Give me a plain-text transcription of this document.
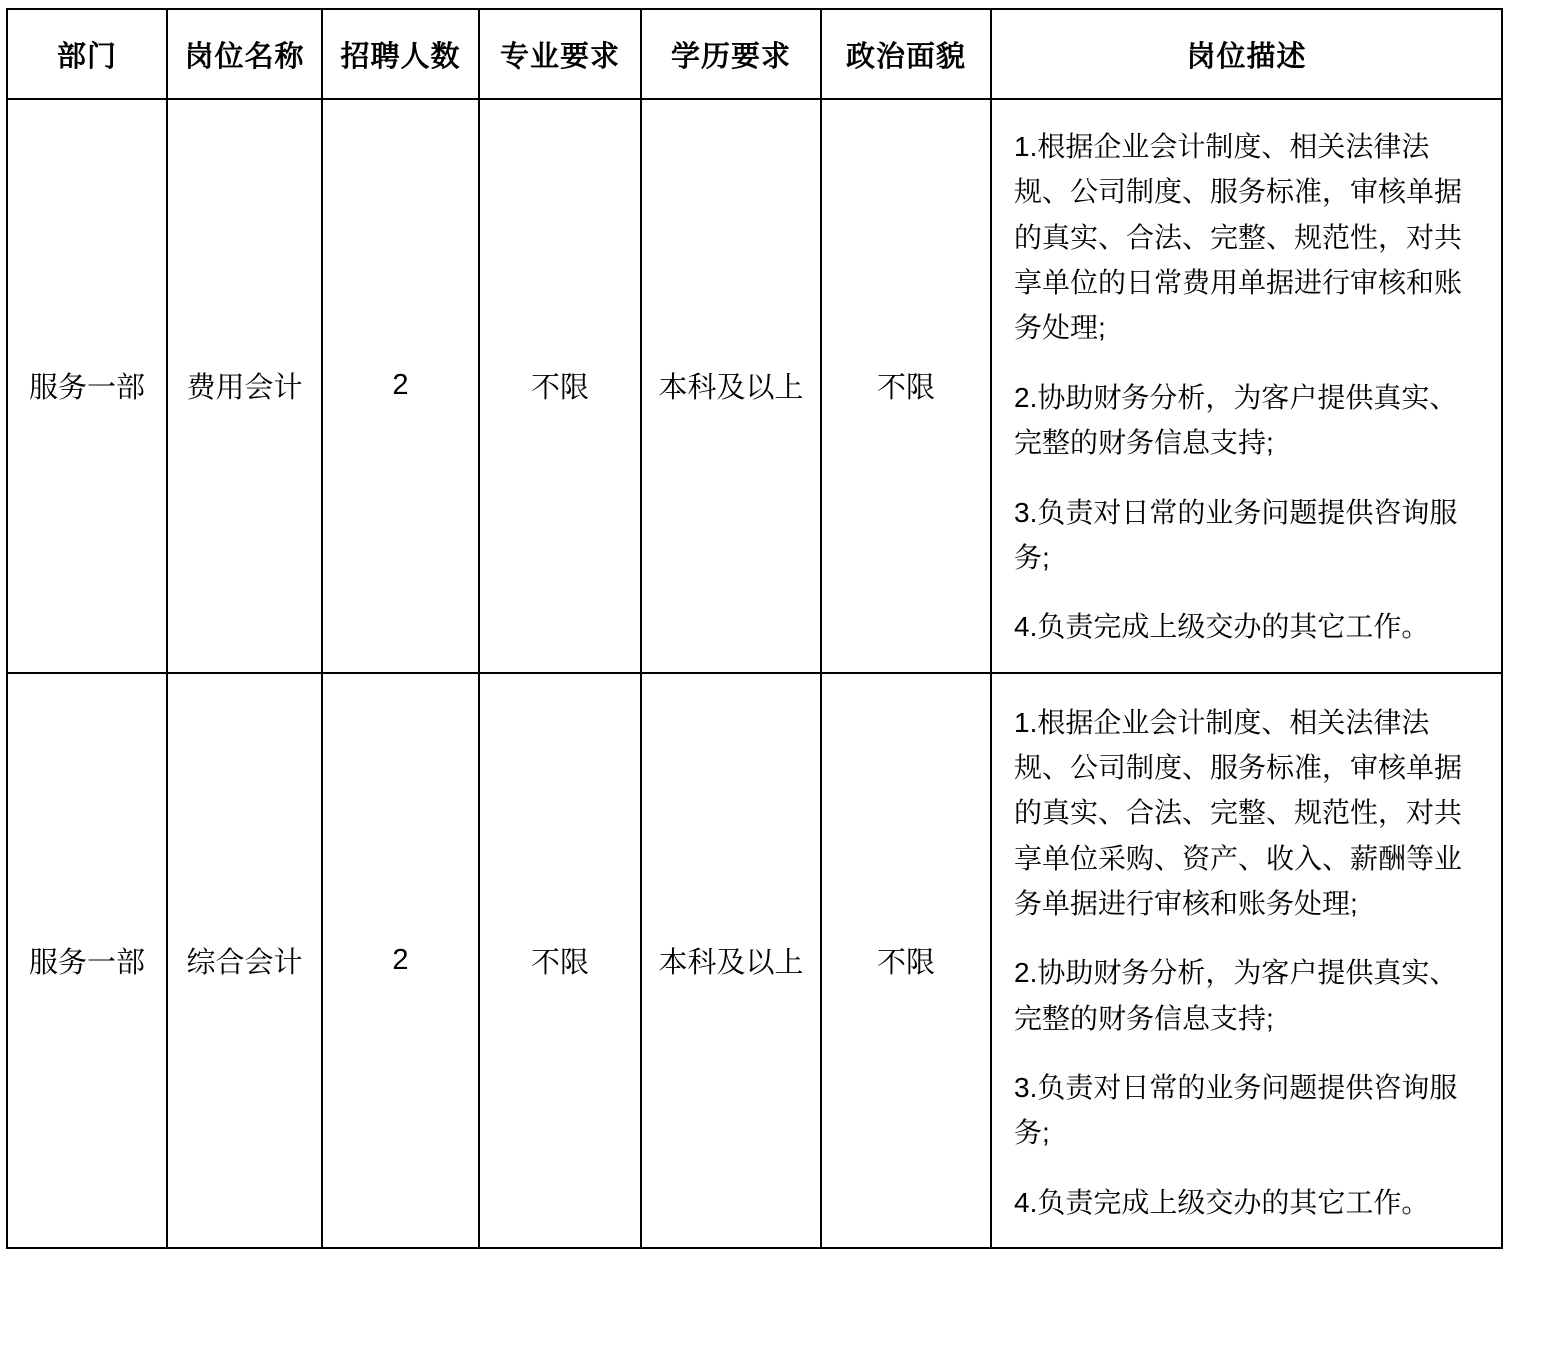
部门	岗位名称	招聘人数	专业要求	学历要求	政治面貌	岗位描述
服务一部	费用会计	2	不限	本科及以上	不限	1.根据企业会计制度、相关法律法规、公司制度、服务标准，审核单据的真实、合法、完整、规范性，对共享单位的日常费用单据进行审核和账务处理;

2.协助财务分析，为客户提供真实、完整的财务信息支持;

3.负责对日常的业务问题提供咨询服务;

4.负责完成上级交办的其它工作。

服务一部	综合会计	2	不限	本科及以上	不限	1.根据企业会计制度、相关法律法规、公司制度、服务标准，审核单据的真实、合法、完整、规范性，对共享单位采购、资产、收入、薪酬等业务单据进行审核和账务处理;

2.协助财务分析，为客户提供真实、完整的财务信息支持;

3.负责对日常的业务问题提供咨询服务;

4.负责完成上级交办的其它工作。
